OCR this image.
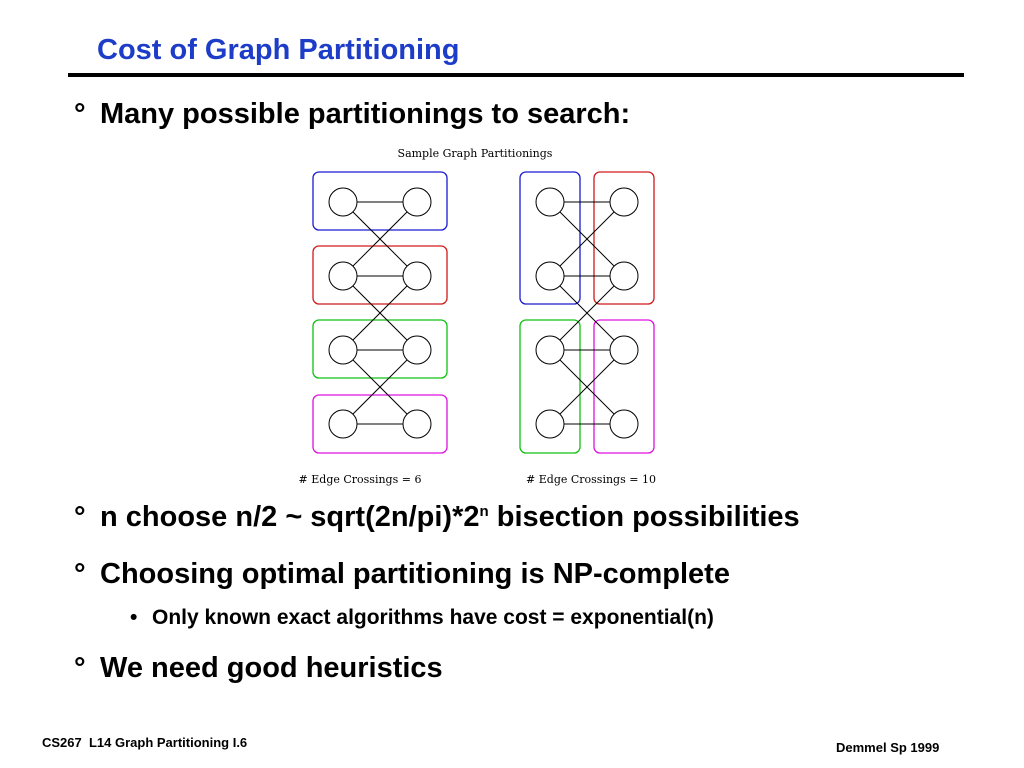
Cost of Graph Partitioning
° Many possible partitionings to search:
Sample Graph Partitionings
# Edge Crossings = 6	# Edge Crossings = 10
° n choose n/2 ~ sqrt(2n/pi)*2$^n$ bisection possibilities
° Choosing optimal partitioning is NP-complete
• Only known exact algorithms have cost = exponential(n)
° We need good heuristics
CS267  L14 Graph Partitioning I.6	Demmel Sp 1999
